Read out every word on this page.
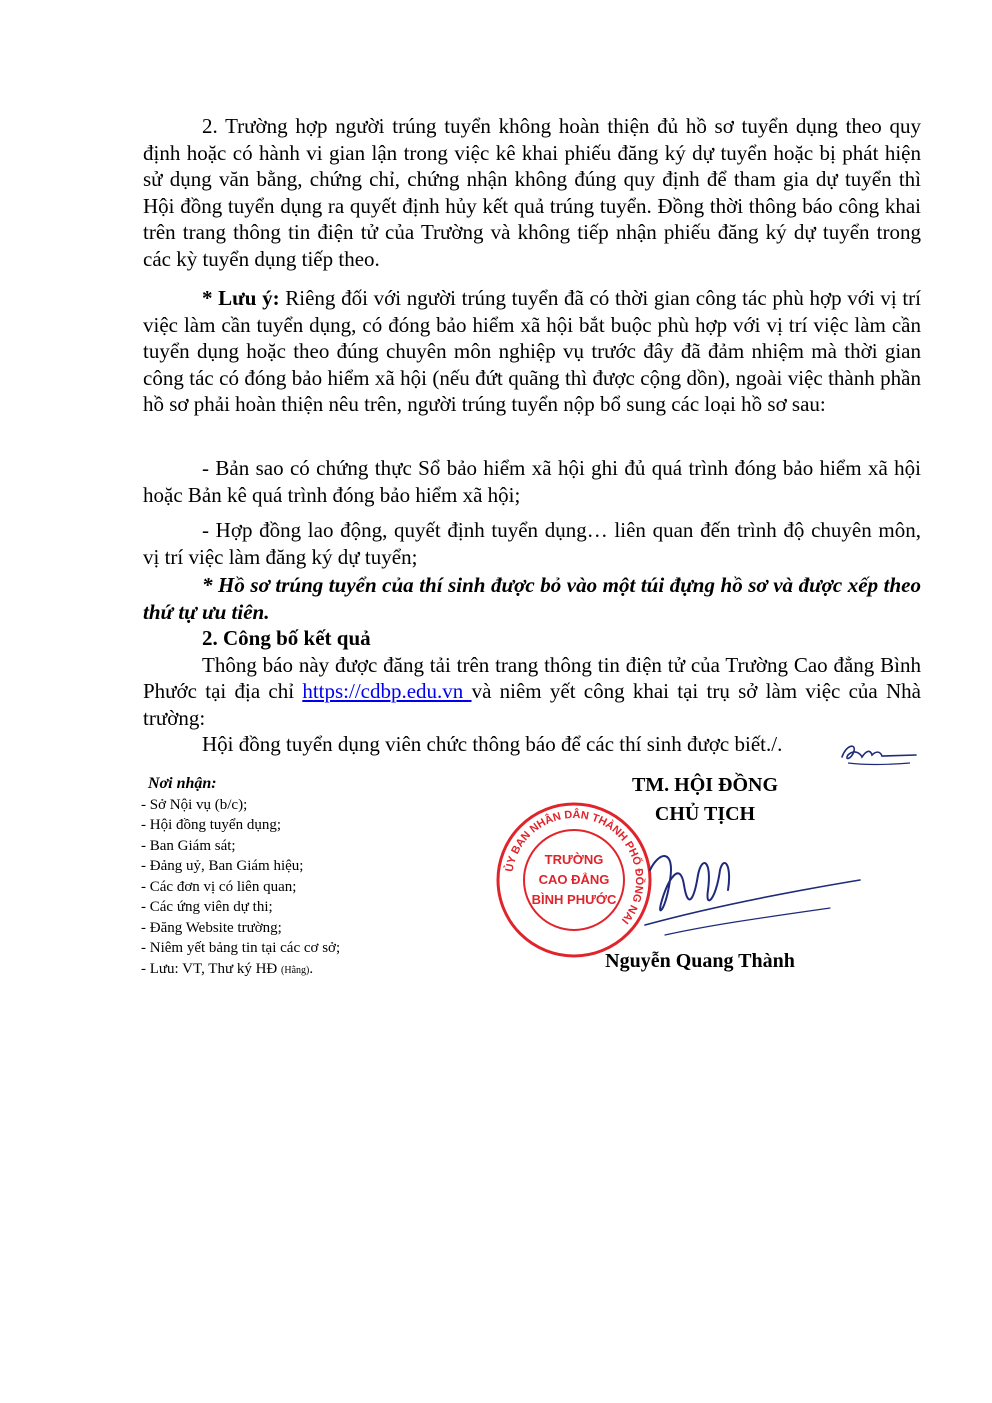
2. Trường hợp người trúng tuyển không hoàn thiện đủ hồ sơ tuyển dụng theo quy định hoặc có hành vi gian lận trong việc kê khai phiếu đăng ký dự tuyển hoặc bị phát hiện sử dụng văn bằng, chứng chỉ, chứng nhận không đúng quy định để tham gia dự tuyển thì Hội đồng tuyển dụng ra quyết định hủy kết quả trúng tuyển. Đồng thời thông báo công khai trên trang thông tin điện tử của Trường và không tiếp nhận phiếu đăng ký dự tuyển trong các kỳ tuyển dụng tiếp theo.

* Lưu ý: Riêng đối với người trúng tuyển đã có thời gian công tác phù hợp với vị trí việc làm cần tuyển dụng, có đóng bảo hiểm xã hội bắt buộc phù hợp với vị trí việc làm cần tuyển dụng hoặc theo đúng chuyên môn nghiệp vụ trước đây đã đảm nhiệm mà thời gian công tác có đóng bảo hiểm xã hội (nếu đứt quãng thì được cộng dồn), ngoài việc thành phần hồ sơ phải hoàn thiện nêu trên, người trúng tuyển nộp bổ sung các loại hồ sơ sau:

- Bản sao có chứng thực Sổ bảo hiểm xã hội ghi đủ quá trình đóng bảo hiểm xã hội hoặc Bản kê quá trình đóng bảo hiểm xã hội;

- Hợp đồng lao động, quyết định tuyển dụng… liên quan đến trình độ chuyên môn, vị trí việc làm đăng ký dự tuyển;

* Hồ sơ trúng tuyển của thí sinh được bỏ vào một túi đựng hồ sơ và được xếp theo thứ tự ưu tiên.

2. Công bố kết quả

Thông báo này được đăng tải trên trang thông tin điện tử của Trường Cao đẳng Bình Phước tại địa chỉ https://cdbp.edu.vn và niêm yết công khai tại trụ sở làm việc của Nhà trường:

Hội đồng tuyển dụng viên chức thông báo để các thí sinh được biết./.

Nơi nhận:
- Sở Nội vụ (b/c);
- Hội đồng tuyển dụng;
- Ban Giám sát;
- Đảng uỷ, Ban Giám hiệu;
- Các đơn vị có liên quan;
- Các ứng viên dự thi;
- Đăng Website trường;
- Niêm yết bảng tin tại các cơ sở;
- Lưu: VT, Thư ký HĐ (Hằng).
TM. HỘI ĐỒNG
CHỦ TỊCH
ỦY BAN NHÂN DÂN THÀNH PHỐ ĐỒNG NAI
TRƯỜNG
CAO ĐẲNG
BÌNH PHƯỚC
Nguyễn Quang Thành
